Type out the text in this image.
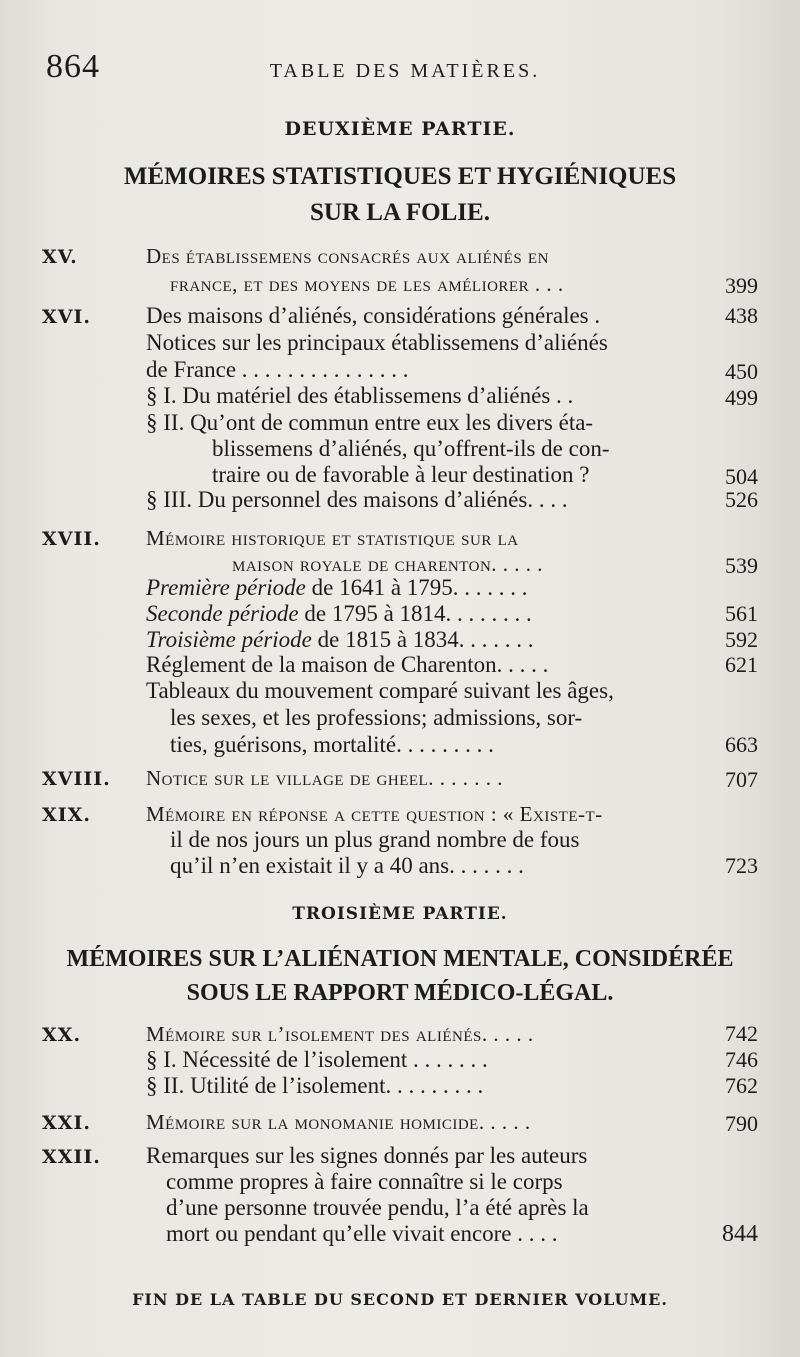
864	TABLE DES MATIÈRES.
DEUXIÈME PARTIE.
MÉMOIRES STATISTIQUES ET HYGIÉNIQUES
SUR LA FOLIE.
XV.	Des établissemens consacrés aux aliénés en
france, et des moyens de les améliorer . . .	399
XVI. Des maisons d’aliénés, considérations générales .	438
Notices sur les principaux établissemens d’aliénés
de France . . . . . . . . . . . . . . .	450
§ I. Du matériel des établissemens d’aliénés . .	499
§ II. Qu’ont de commun entre eux les divers éta-
blissemens d’aliénés, qu’offrent-ils de con-
traire ou de favorable à leur destination ?	504
§ III. Du personnel des maisons d’aliénés. . . .	526
XVII. Mémoire historique et statistique sur la
maison royale de charenton. . . . .	539
Première période de 1641 à 1795. . . . . . .
Seconde période de 1795 à 1814. . . . . . . .	561
Troisième période de 1815 à 1834. . . . . . .	592
Réglement de la maison de Charenton. . . . .	621
Tableaux du mouvement comparé suivant les âges,
les sexes, et les professions; admissions, sor-
ties, guérisons, mortalité. . . . . . . . .	663
XVIII. Notice sur le village de gheel. . . . . . .	707
XIX.	Mémoire en réponse a cette question : « Existe-t-
il de nos jours un plus grand nombre de fous
qu’il n’en existait il y a 40 ans. . . . . . .	723
TROISIÈME PARTIE.
MÉMOIRES SUR L’ALIÉNATION MENTALE, CONSIDÉRÉE
SOUS LE RAPPORT MÉDICO-LÉGAL.
XX.	Mémoire sur l’isolement des aliénés. . . . .	742
§ I. Nécessité de l’isolement . . . . . . .	746
§ II. Utilité de l’isolement. . . . . . . . .	762
XXI.	Mémoire sur la monomanie homicide. . . . .	790
XXII. Remarques sur les signes donnés par les auteurs
comme propres à faire connaître si le corps
d’une personne trouvée pendu, l’a été après la
mort ou pendant qu’elle vivait encore . . . .	844
FIN DE LA TABLE DU SECOND ET DERNIER VOLUME.
